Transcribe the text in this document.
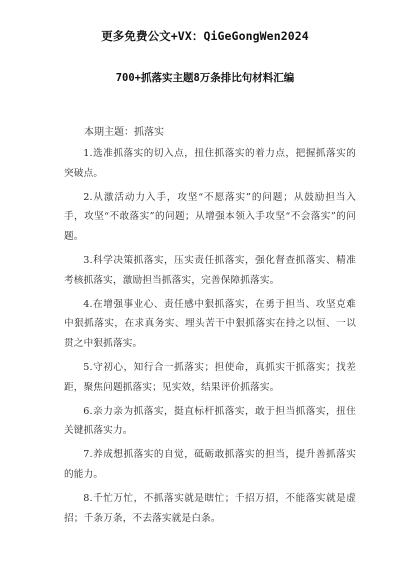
更多免费公文+VX：QiGeGongWen2024
700+抓落实主题8万条排比句材料汇编
本期主题：抓落实

1.选准抓落实的切入点，扭住抓落实的着力点，把握抓落实的突破点。

2.从激活动力入手，攻坚“不愿落实”的问题；从鼓励担当入手，攻坚“不敢落实”的问题；从增强本领入手攻坚“不会落实”的问题。

3.科学决策抓落实，压实责任抓落实，强化督查抓落实、精准考核抓落实，激励担当抓落实，完善保障抓落实。

4.在增强事业心、责任感中狠抓落实，在勇于担当、攻坚克难中狠抓落实，在求真务实、埋头苦干中狠抓落实在持之以恒、一以贯之中狠抓落实。

5.守初心，知行合一抓落实；担使命，真抓实干抓落实；找差距，聚焦问题抓落实；见实效，结果评价抓落实。

6.亲力亲为抓落实，挺直标杆抓落实，敢于担当抓落实，扭住关键抓落实力。

7.养成想抓落实的自觉，砥砺敢抓落实的担当，提升善抓落实的能力。

8.千忙万忙，不抓落实就是瞎忙；千招万招，不能落实就是虚招；千条万条，不去落实就是白条。
